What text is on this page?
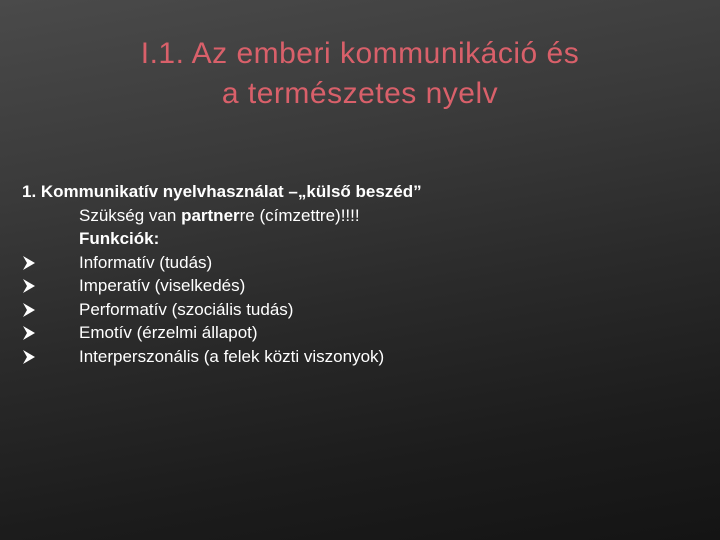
I.1. Az emberi kommunikáció és
a természetes nyelv
1. Kommunikatív nyelvhasználat –„külső beszéd”
Szükség van partnerre (címzettre)!!!!
Funkciók:
Informatív (tudás)
Imperatív (viselkedés)
Performatív (szociális tudás)
Emotív (érzelmi állapot)
Interperszonális (a felek közti viszonyok)
